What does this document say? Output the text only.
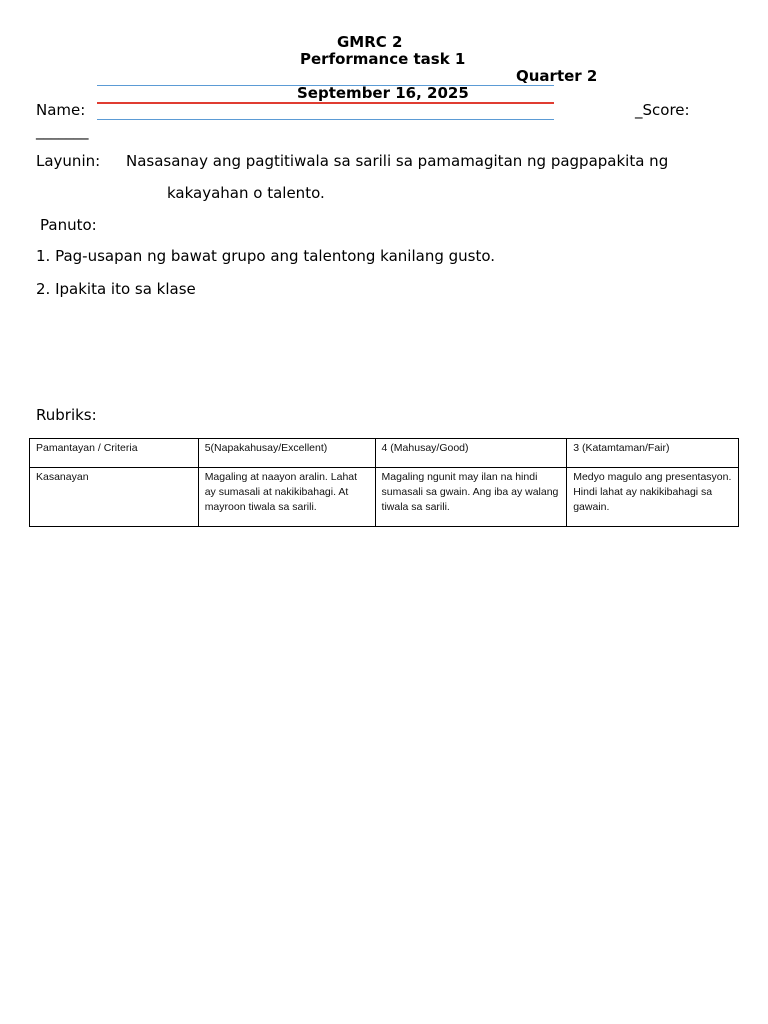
GMRC 2
Performance task 1
Quarter 2
September 16, 2025
Name:	_Score:
_______
Layunin: Nasasanay ang pagtitiwala sa sarili sa pamamagitan ng pagpapakita ng
kakayahan o talento.
Panuto:
1. Pag-usapan ng bawat grupo ang talentong kanilang gusto.
2. Ipakita ito sa klase
Rubriks:
Pamantayan / Criteria	5(Napakahusay/Excellent)	4 (Mahusay/Good)	3 (Katamtaman/Fair)
Kasanayan	Magaling at naayon aralin. Lahat ay sumasali at nakikibahagi. At mayroon tiwala sa sarili.	Magaling ngunit may ilan na hindi sumasali sa gwain. Ang iba ay walang tiwala sa sarili.	Medyo magulo ang presentasyon. Hindi lahat ay nakikibahagi sa gawain.
